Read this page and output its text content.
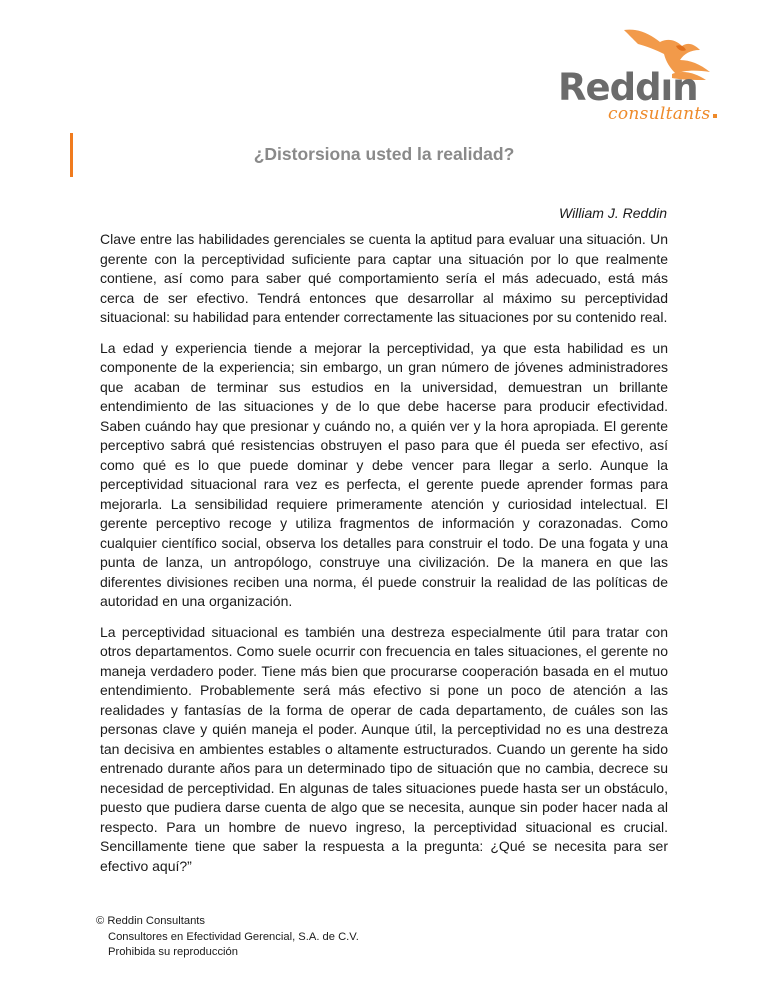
Reddın
consultants
¿Distorsiona usted la realidad?
William J. Reddin

Clave entre las habilidades gerenciales se cuenta la aptitud para evaluar una situación. Un gerente con la perceptividad suficiente para captar una situación por lo que realmente contiene, así como para saber qué comportamiento sería el más adecuado, está más cerca de ser efectivo. Tendrá entonces que desarrollar al máximo su perceptividad situacional: su habilidad para entender correctamente las situaciones por su contenido real.

La edad y experiencia tiende a mejorar la perceptividad, ya que esta habilidad es un componente de la experiencia; sin embargo, un gran número de jóvenes administradores que acaban de terminar sus estudios en la universidad, demuestran un brillante entendimiento de las situaciones y de lo que debe hacerse para producir efectividad. Saben cuándo hay que presionar y cuándo no, a quién ver y la hora apropiada. El gerente perceptivo sabrá qué resistencias obstruyen el paso para que él pueda ser efectivo, así como qué es lo que puede dominar y debe vencer para llegar a serlo. Aunque la perceptividad situacional rara vez es perfecta, el gerente puede aprender formas para mejorarla. La sensibilidad requiere primeramente atención y curiosidad intelectual. El gerente perceptivo recoge y utiliza fragmentos de información y corazonadas. Como cualquier científico social, observa los detalles para construir el todo. De una fogata y una punta de lanza, un antropólogo, construye una civilización. De la manera en que las diferentes divisiones reciben una norma, él puede construir la realidad de las políticas de autoridad en una organización.

La perceptividad situacional es también una destreza especialmente útil para tratar con otros departamentos. Como suele ocurrir con frecuencia en tales situaciones, el gerente no maneja verdadero poder. Tiene más bien que procurarse cooperación basada en el mutuo entendimiento. Probablemente será más efectivo si pone un poco de atención a las realidades y fantasías de la forma de operar de cada departamento, de cuáles son las personas clave y quién maneja el poder. Aunque útil, la perceptividad no es una destreza tan decisiva en ambientes estables o altamente estructurados. Cuando un gerente ha sido entrenado durante años para un determinado tipo de situación que no cambia, decrece su necesidad de perceptividad. En algunas de tales situaciones puede hasta ser un obstáculo, puesto que pudiera darse cuenta de algo que se necesita, aunque sin poder hacer nada al respecto. Para un hombre de nuevo ingreso, la perceptividad situacional es crucial. Sencillamente tiene que saber la respuesta a la pregunta: ¿Qué se necesita para ser efectivo aquí?”

© Reddin Consultants
Consultores en Efectividad Gerencial, S.A. de C.V.
Prohibida su reproducción
